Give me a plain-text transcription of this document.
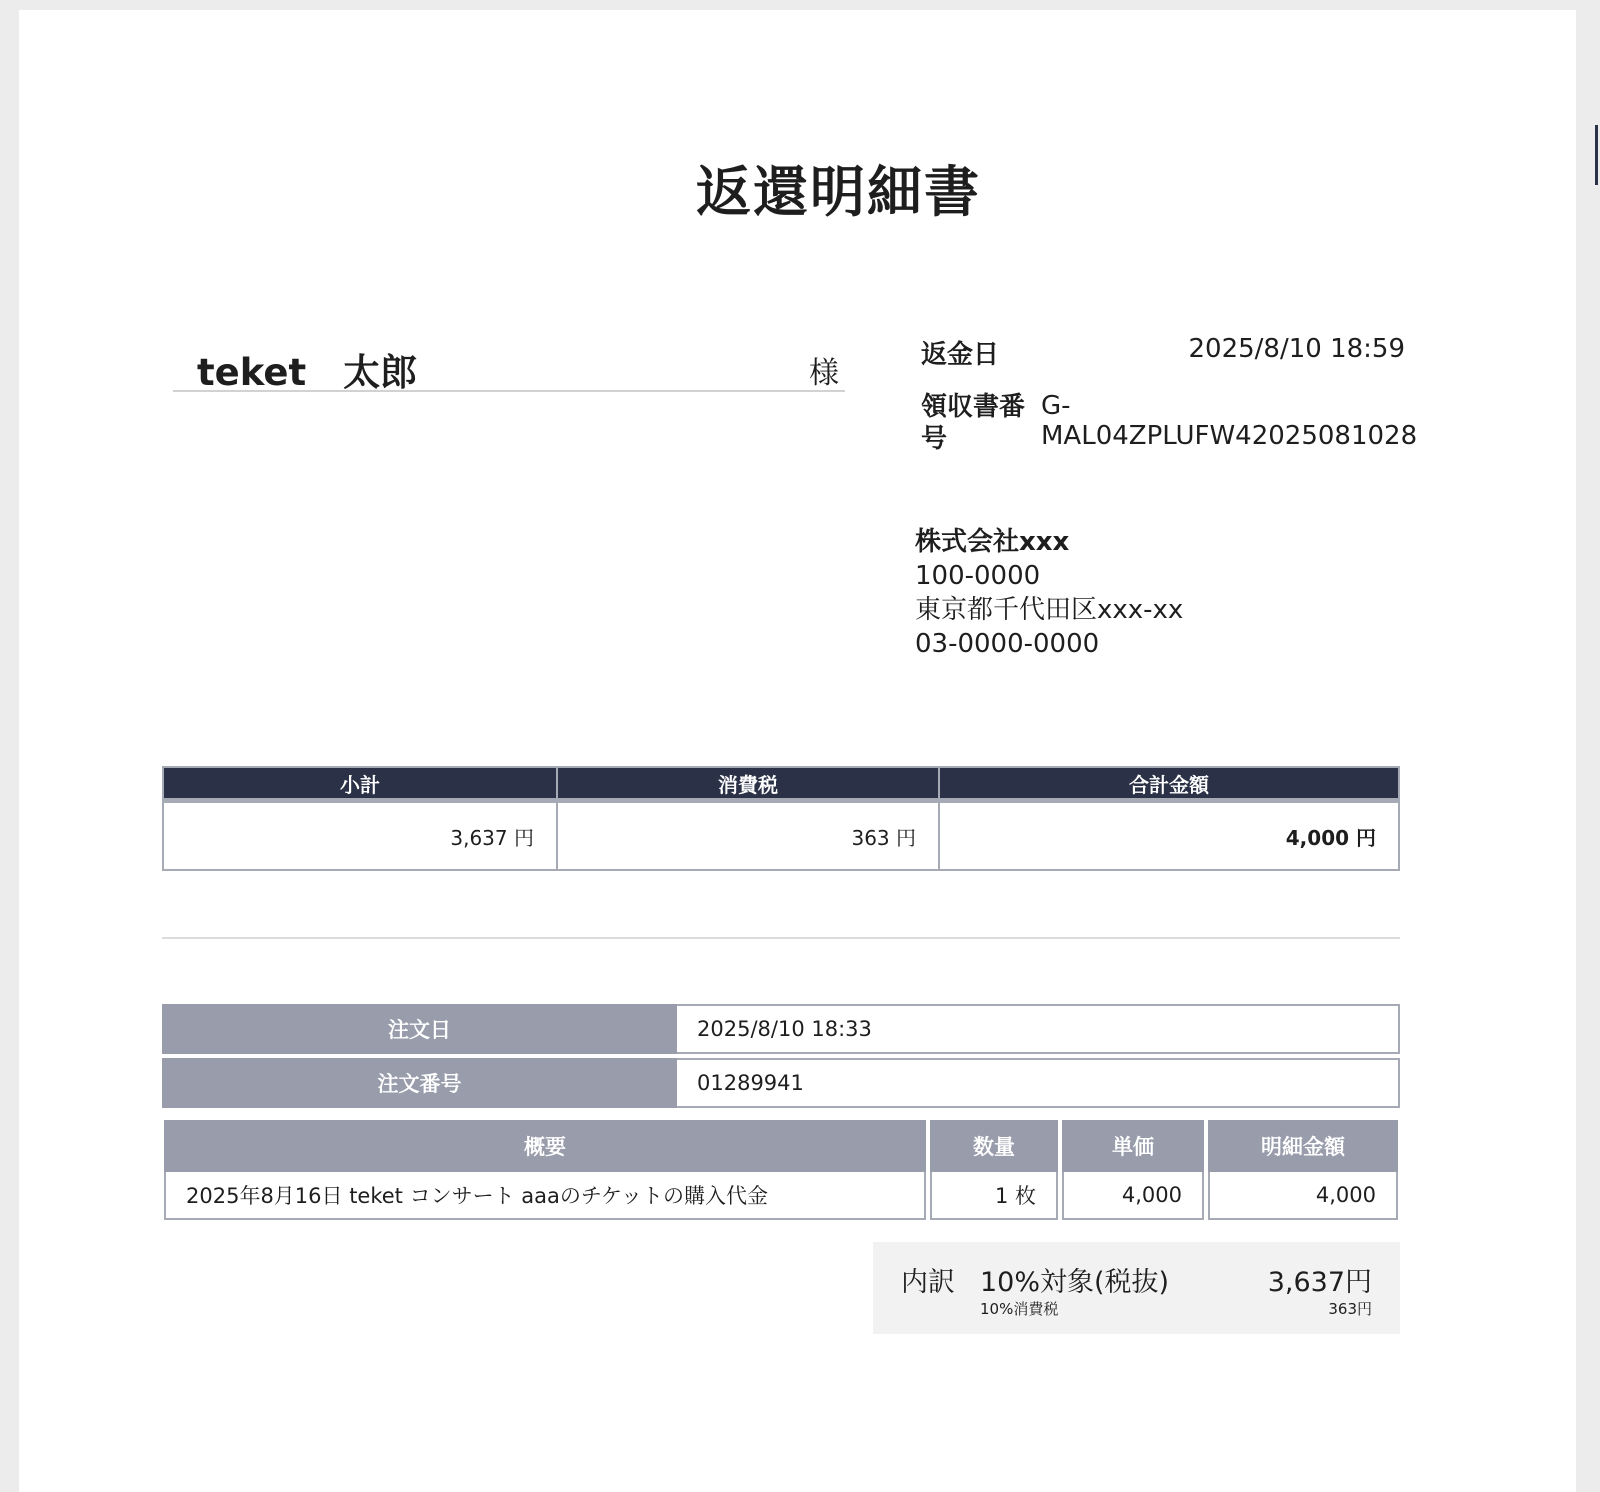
返還明細書
teket　太郎	様
返金日	2025/8/10 18:59
領収書番号
G-MAL04ZPLUFW42025081028
株式会社xxx
100-0000
東京都千代田区xxx-xx
03-0000-0000
小計	消費税	合計金額
3,637 円	363 円	4,000 円
注文日	2025/8/10 18:33
注文番号	01289941
概要	数量	単価	明細金額
2025年8月16日 teket コンサート aaaのチケットの購入代金	1 枚	4,000	4,000
内訳 10%対象(税抜)	3,637円
10%消費税	363円
